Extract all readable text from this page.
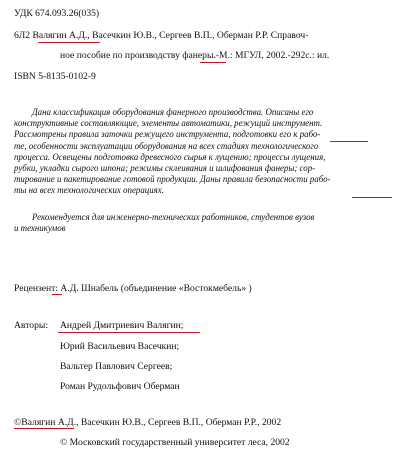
УДК 674.093.26(035)
6Л2 Валягин А.Д., Васечкин Ю.В., Сергеев В.П., Оберман Р.Р. Справоч-
ное пособие по производству фанеры.-М.: МГУЛ, 2002.-292с.: ил.
ISBN 5-8135-0102-9
Дана классификация оборудования фанерного производства. Описаны его
конструктивные составляющие, элементы автоматики, режущий инструмент.
Рассмотрены правила заточки режущего инструмента, подготовки его к рабо-
те, особенности эксплуатации оборудования на всех стадиях технологического
процесса. Освещены подготовка древесного сырья к лущению; процессы лущения,
рубки, укладки сырого шпона; режимы склеивания и шлифования фанеры; сор-
тирование и пакетирование готовой продукции. Даны правила безопасности рабо-
ты на всех технологических операциях.
Рекомендуется для инженерно-технических работников, студентов вузов
и техникумов
Рецензент: А.Д. Шнабель (объединение «Востокмебель» )
Авторы: Андрей Дмитриевич Валягин;
Юрий Васильевич Васечкин;
Вальтер Павлович Сергеев;
Роман Рудольфович Оберман
©Валягин А.Д., Васечкин Ю.В., Сергеев В.П., Оберман Р.Р., 2002
© Московский государственный университет леса, 2002
